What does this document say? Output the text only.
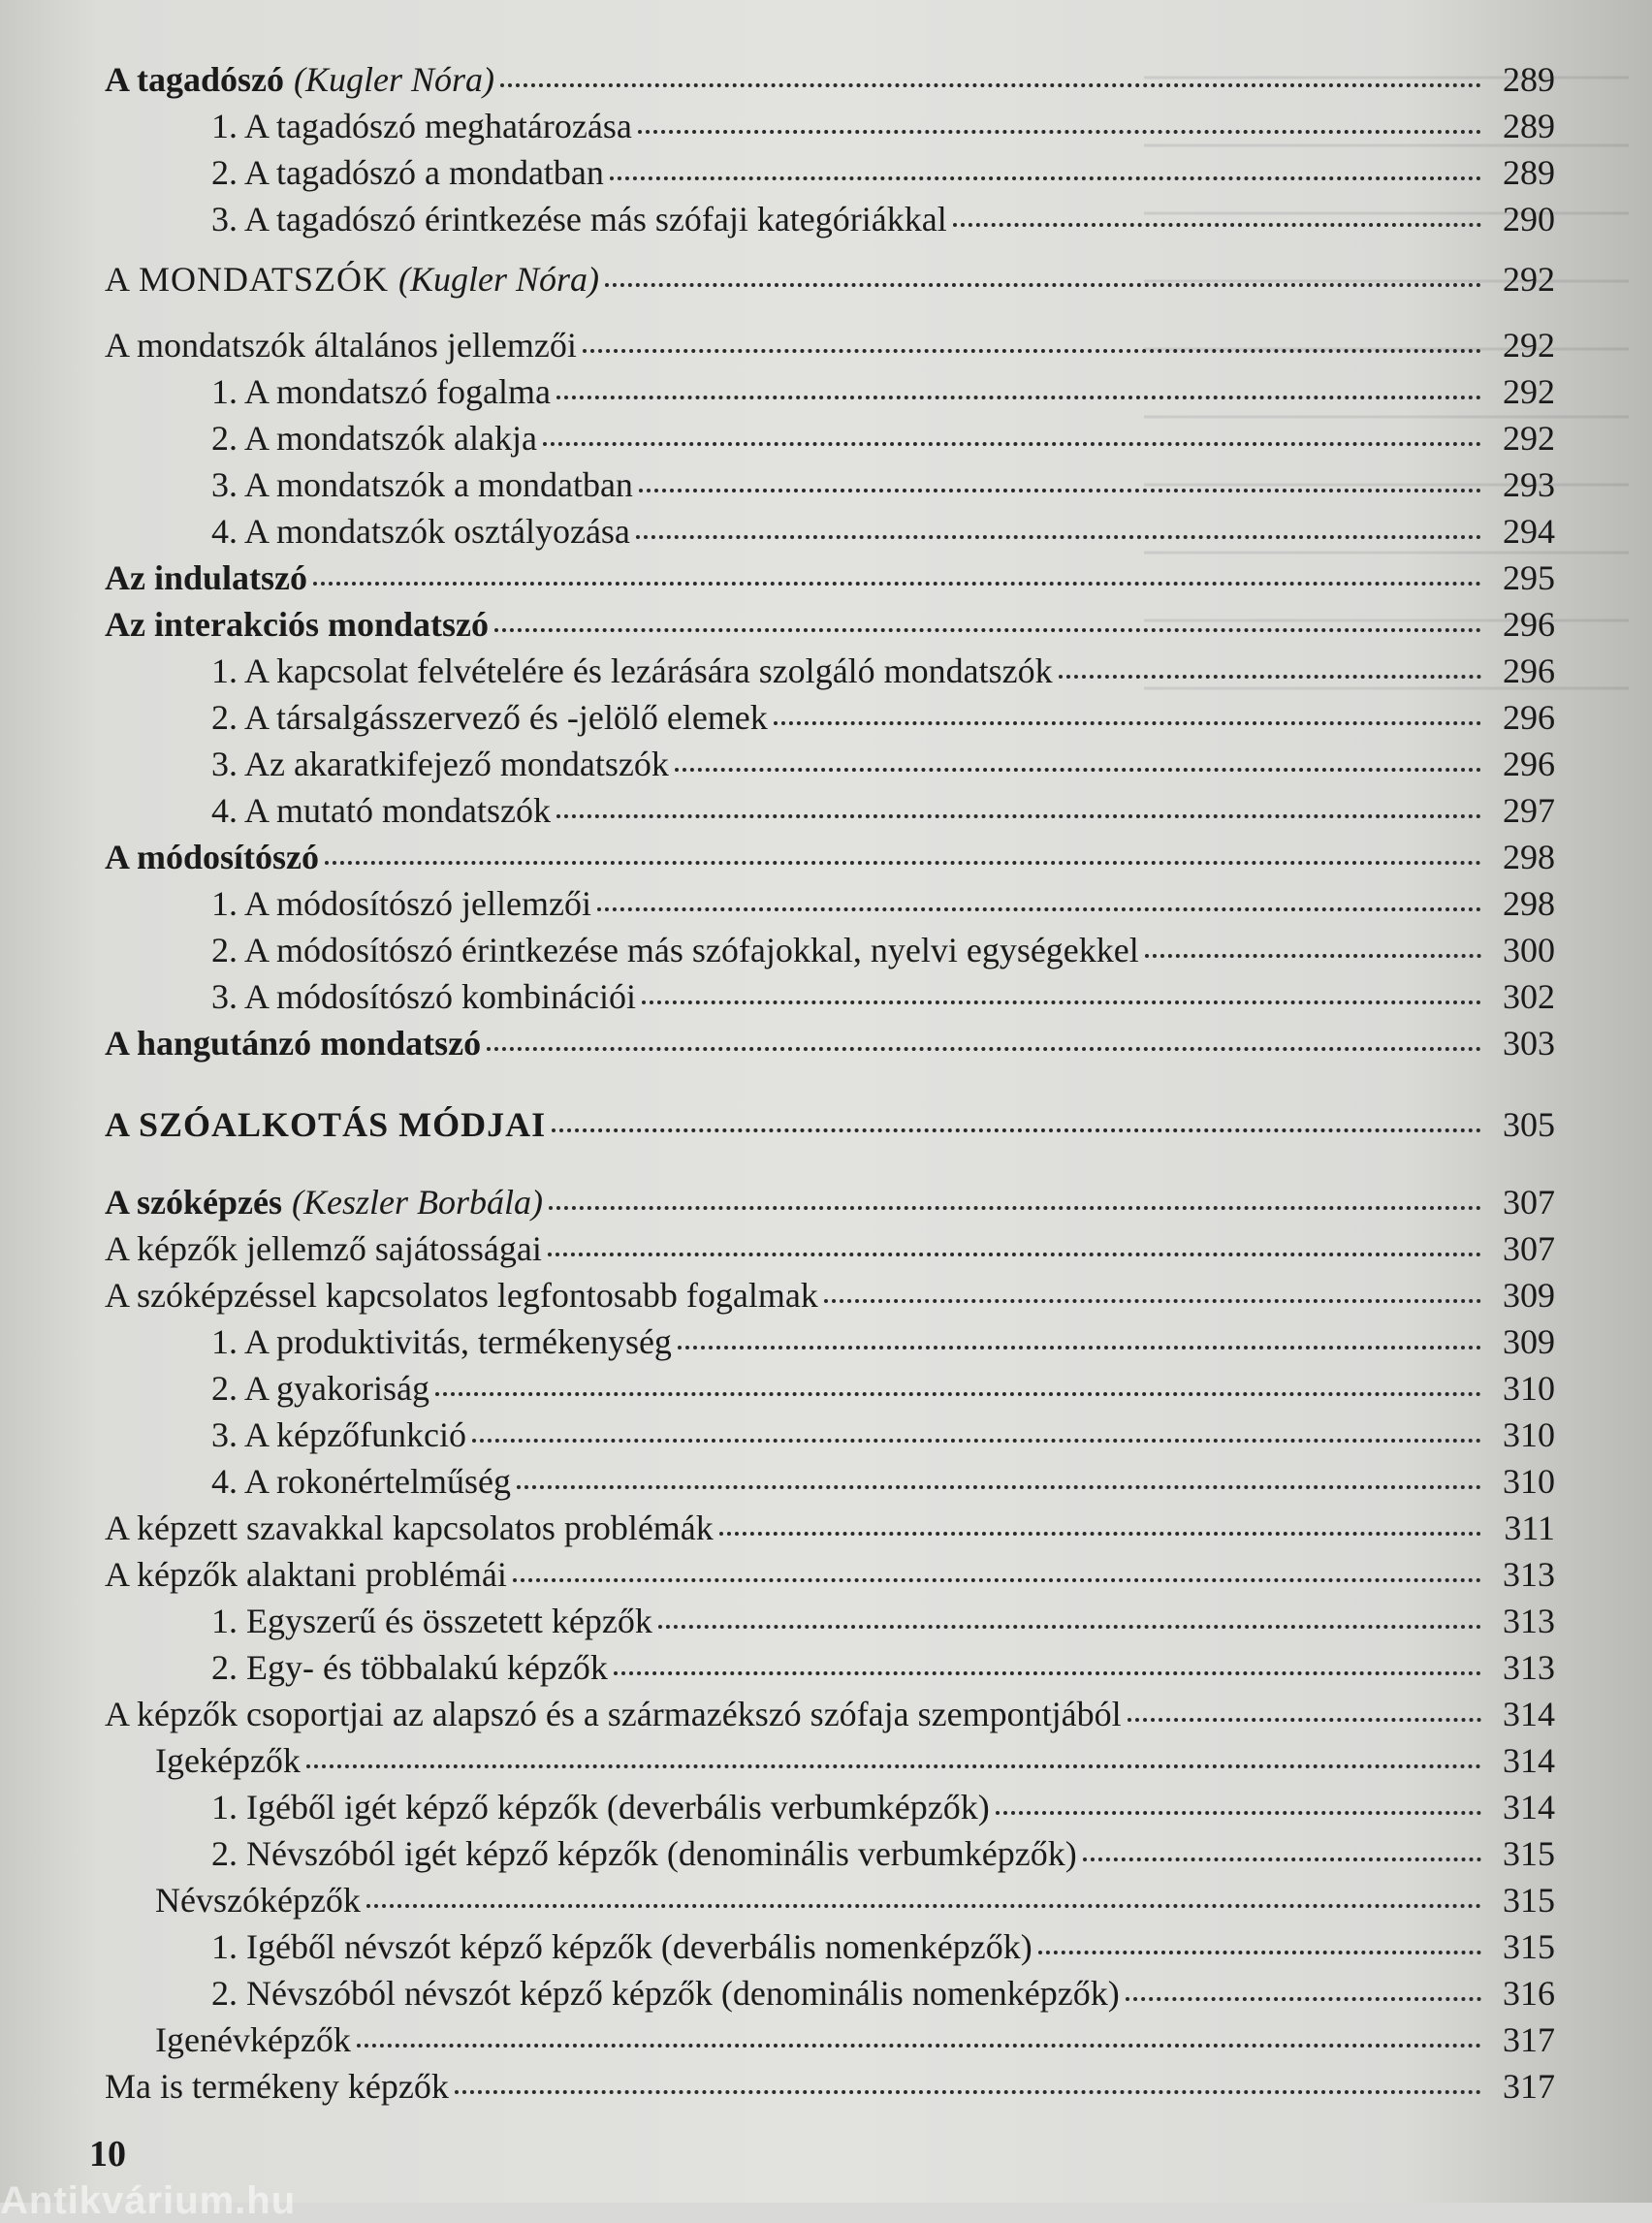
A tagadószó (Kugler Nóra)	289
1. A tagadószó meghatározása	289
2. A tagadószó a mondatban	289
3. A tagadószó érintkezése más szófaji kategóriákkal	290
A MONDATSZÓK (Kugler Nóra)	292
A mondatszók általános jellemzői	292
1. A mondatszó fogalma	292
2. A mondatszók alakja	292
3. A mondatszók a mondatban	293
4. A mondatszók osztályozása	294
Az indulatszó	295
Az interakciós mondatszó	296
1. A kapcsolat felvételére és lezárására szolgáló mondatszók	296
2. A társalgásszervező és -jelölő elemek	296
3. Az akaratkifejező mondatszók	296
4. A mutató mondatszók	297
A módosítószó	298
1. A módosítószó jellemzői	298
2. A módosítószó érintkezése más szófajokkal, nyelvi egységekkel	300
3. A módosítószó kombinációi	302
A hangutánzó mondatszó	303
A SZÓALKOTÁS MÓDJAI	305
A szóképzés (Keszler Borbála)	307
A képzők jellemző sajátosságai	307
A szóképzéssel kapcsolatos legfontosabb fogalmak	309
1. A produktivitás, termékenység	309
2. A gyakoriság	310
3. A képzőfunkció	310
4. A rokonértelműség	310
A képzett szavakkal kapcsolatos problémák	311
A képzők alaktani problémái	313
1. Egyszerű és összetett képzők	313
2. Egy- és többalakú képzők	313
A képzők csoportjai az alapszó és a származékszó szófaja szempontjából	314
Igeképzők	314
1. Igéből igét képző képzők (deverbális verbumképzők)	314
2. Névszóból igét képző képzők (denominális verbumképzők)	315
Névszóképzők	315
1. Igéből névszót képző képzők (deverbális nomenképzők)	315
2. Névszóból névszót képző képzők (denominális nomenképzők)	316
Igenévképzők	317
Ma is termékeny képzők	317
10
Antikvárium.hu
